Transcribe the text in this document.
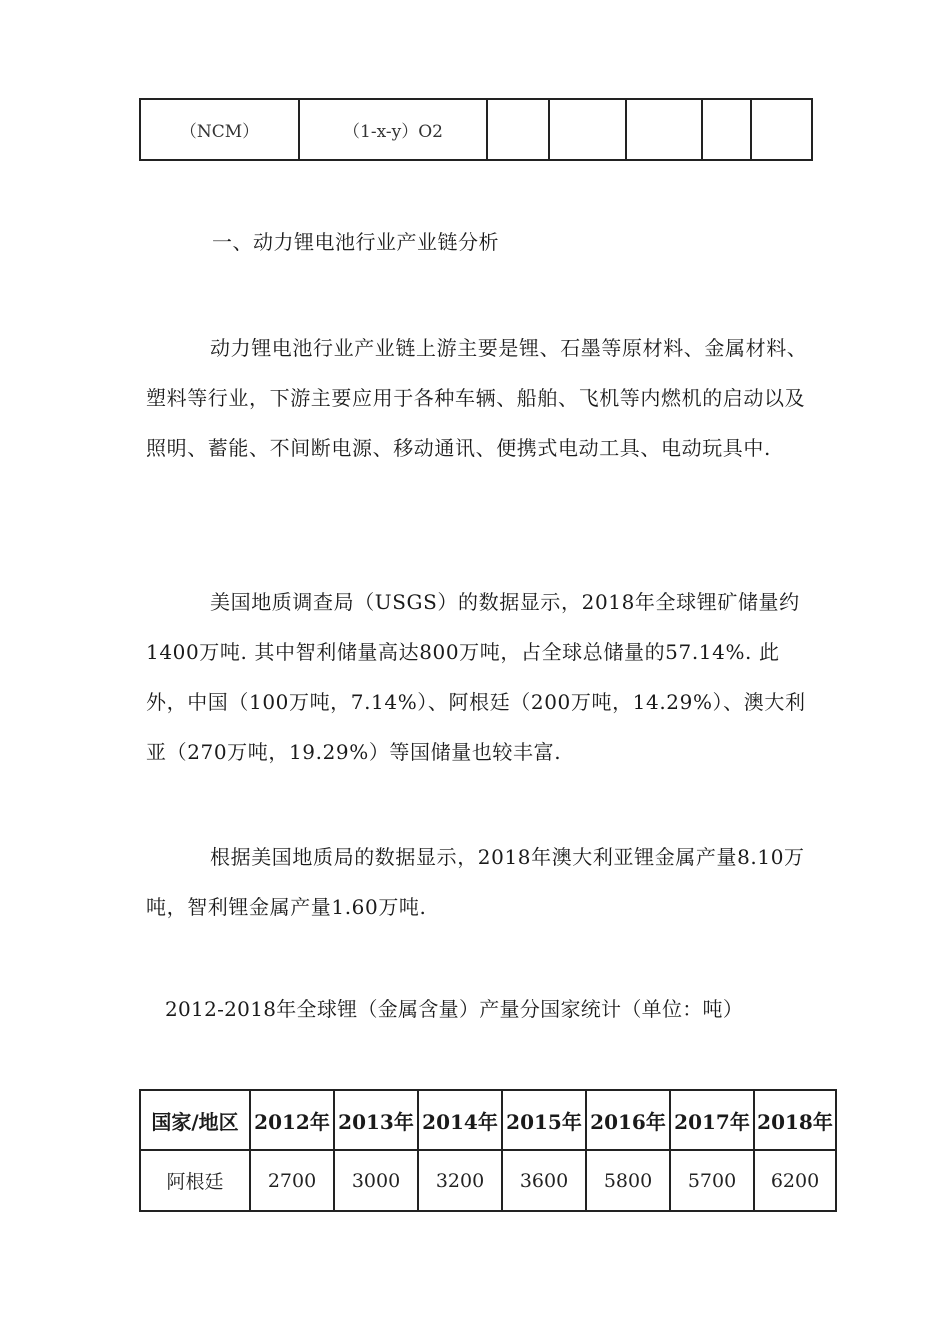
（NCM）	（1-x-y）O2					
一、动力锂电池行业产业链分析

动力锂电池行业产业链上游主要是锂、石墨等原材料、金属材料、塑料等行业，下游主要应用于各种车辆、船舶、飞机等内燃机的启动以及照明、蓄能、不间断电源、移动通讯、便携式电动工具、电动玩具中.

美国地质调查局（USGS）的数据显示，2018年全球锂矿储量约1400万吨. 其中智利储量高达800万吨，占全球总储量的57.14%. 此外，中国（100万吨，7.14%）、阿根廷（200万吨，14.29%）、澳大利亚（270万吨，19.29%）等国储量也较丰富.

根据美国地质局的数据显示，2018年澳大利亚锂金属产量8.10万吨，智利锂金属产量1.60万吨.

2012-2018年全球锂（金属含量）产量分国家统计（单位：吨）
国家/地区	2012年	2013年	2014年	2015年	2016年	2017年	2018年
阿根廷	2700	3000	3200	3600	5800	5700	6200
